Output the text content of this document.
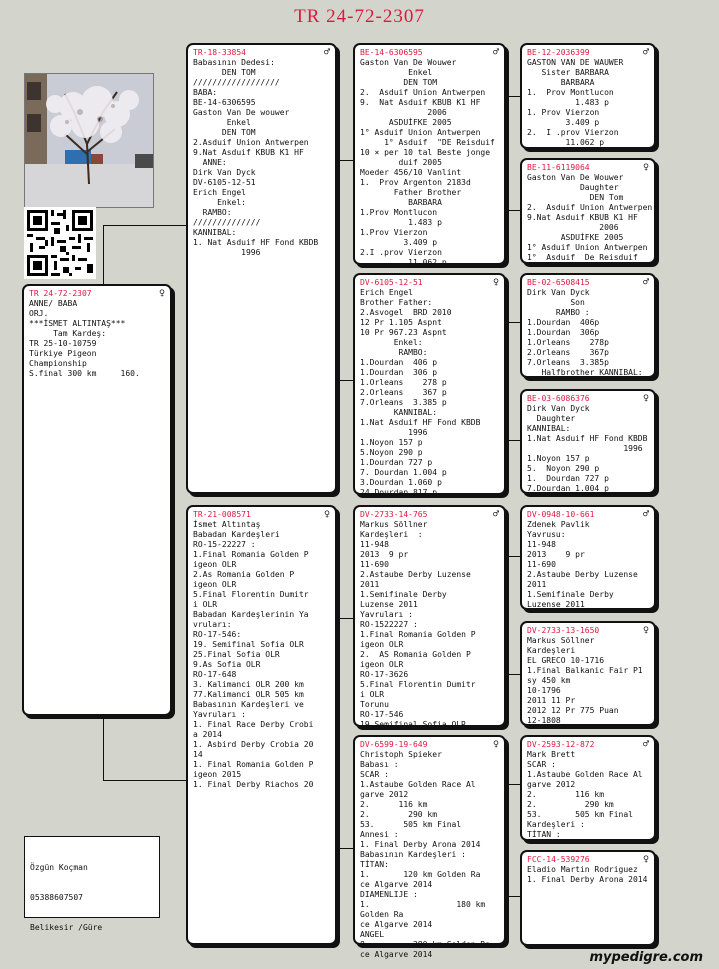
TR 24-72-2307
TR 24-72-2307	♀
ANNE/ BABA
ORJ.
***İSMET ALTINTAŞ***
Tam Kardeş:
TR 25-10-10759
Türkiye Pigeon
Championship
S.final 300 km     160.
TR-18-33854	♂
Babasının Dedesi:
DEN TOM
//////////////////
BABA:
BE-14-6306595
Gaston Van De wouwer
Enkel
DEN TOM
2.Asduif Union Antwerpen
9.Nat Asduif KBUB K1 HF
ANNE:
Dirk Van Dyck
DV-6105-12-51
Erich Engel
Enkel:
RAMBO:
//////////////
KANNIBAL:
1. Nat Asduif HF Fond KBDB
1996
TR-21-008571	♀
İsmet Altıntaş
Babadan Kardeşleri
RO-15-22227 :
1.Final Romania Golden P
igeon OLR
2.As Romania Golden P
igeon OLR
5.Final Florentin Dumitr
i OLR
Babadan Kardeşlerinin Ya
vruları:
RO-17-546:
19. Semifinal Sofia OLR
25.Final Sofia OLR
9.As Sofia OLR
RO-17-648
3. Kalimanci OLR 200 km
77.Kalimanci OLR 505 km
Babasının Kardeşleri ve
Yavruları :
1. Final Race Derby Crobi
a 2014
1. Asbird Derby Crobia 20
14
1. Final Romania Golden P
igeon 2015
1. Final Derby Riachos 20
BE-14-6306595	♂
Gaston Van De Wouwer
Enkel
DEN TOM
2.  Asduif Union Antwerpen
9.  Nat Asduif KBUB K1 HF
2006
ASDUİFKE 2005
1° Asduif Union Antwerpen
1° Asduif  "DE Reisduif
10 × per 10 tal Beste jonge
duif 2005
Moeder 456/10 Vanlint
1.  Prov Argenton 2183d
Father Brother
BARBARA
1.Prov Montlucon
1.483 p
1.Prov Vierzon
3.409 p
2.I .prov Vierzon
11.062 p
DV-6105-12-51	♀
Erich Engel
Brother Father:
2.Asvogel  BRD 2010
12 Pr 1.105 Aspnt
10 Pr 967.23 Aspnt
Enkel:
RAMBO:
1.Dourdan  406 p
1.Dourdan  306 p
1.Orleans    278 p
2.Orleans    367 p
7.Orleans  3.385 p
KANNIBAL:
1.Nat Asduif HF Fond KBDB
1996
1.Noyon 157 p
5.Noyon 290 p
1.Dourdan 727 p
7. Dourdan 1.004 p
3.Dourdan 1.060 p
24.Dourdan 817 p
DV-2733-14-765	♂
Markus Söllner
Kardeşleri  :
11-948
2013  9 pr
11-690
2.Astaube Derby Luzense
2011
1.Semifinale Derby
Luzense 2011
Yavruları :
RO-1522227 :
1.Final Romania Golden P
igeon OLR
2.  AS Romania Golden P
igeon OLR
RO-17-3626
5.Final Florentin Dumitr
i OLR
Torunu
RO-17-546
19.Semifinal Sofia OLR
DV-6599-19-649	♀
Christoph Spieker
Babası :
SCAR :
1.Astaube Golden Race Al
garve 2012
2.      116 km
2.        290 km
53.      505 km Final
Annesi :
1. Final Derby Arona 2014
Babasının Kardeşleri :
TİTAN:
1.       120 km Golden Ra
ce Algarve 2014
DIAMENLIJE :
1.                  180 km
Golden Ra
ce Algarve 2014
ANGEL
8.         280 km Golden Ra
ce Algarve 2014
BE-12-2036399	♂
GASTON VAN DE WAUWER
Sister BARBARA
BARBARA
1.  Prov Montlucon
1.483 p
1. Prov Vierzon
3.409 p
2.  I .prov Vierzon
11.062 p
BE-11-6119064	♀
Gaston Van De Wouwer
Daughter
DEN Tom
2.  Asduif Union Antwerpen
9.Nat Asduif KBUB K1 HF
2006
ASDUİFKE 2005
1° Asduif Union Antwerpen
1°  Asduif  De Reisduif
BE-02-6508415	♂
Dirk Van Dyck
Son
RAMBO :
1.Dourdan  406p
1.Dourdan  306p
1.Orleans    278p
2.Orleans    367p
7.Orleans  3.385p
Halfbrother KANNIBAL:
BE-03-6086376	♀
Dirk Van Dyck
Daughter
KANNIBAL:
1.Nat Asduif HF Fond KBDB
1996
1.Noyon 157 p
5.  Noyon 290 p
1.  Dourdan 727 p
7.Dourdan 1.004 p
DV-0948-10-661	♂
Zdenek Pavlik
Yavrusu:
11-948
2013    9 pr
11-690
2.Astaube Derby Luzense
2011
1.Semifinale Derby
Luzense 2011
DV-2733-13-1650	♀
Markus Söllner
Kardeşleri
EL GRECO 10-1716
1.Final Balkanic Fair P1
sy 450 km
10-1796
2011 11 Pr
2012 12 Pr 775 Puan
12-1808
DV-2593-12-872	♂
Mark Brett
SCAR :
1.Astaube Golden Race Al
garve 2012
2.        116 km
2.          290 km
53.       505 km Final
Kardeşleri :
TİTAN :
FCC-14-539276	♀
Eladio Martin Rodriguez
1. Final Derby Arona 2014

Özgün Koçman

05388607507

Belikesir /Güre

mypedigre.com
